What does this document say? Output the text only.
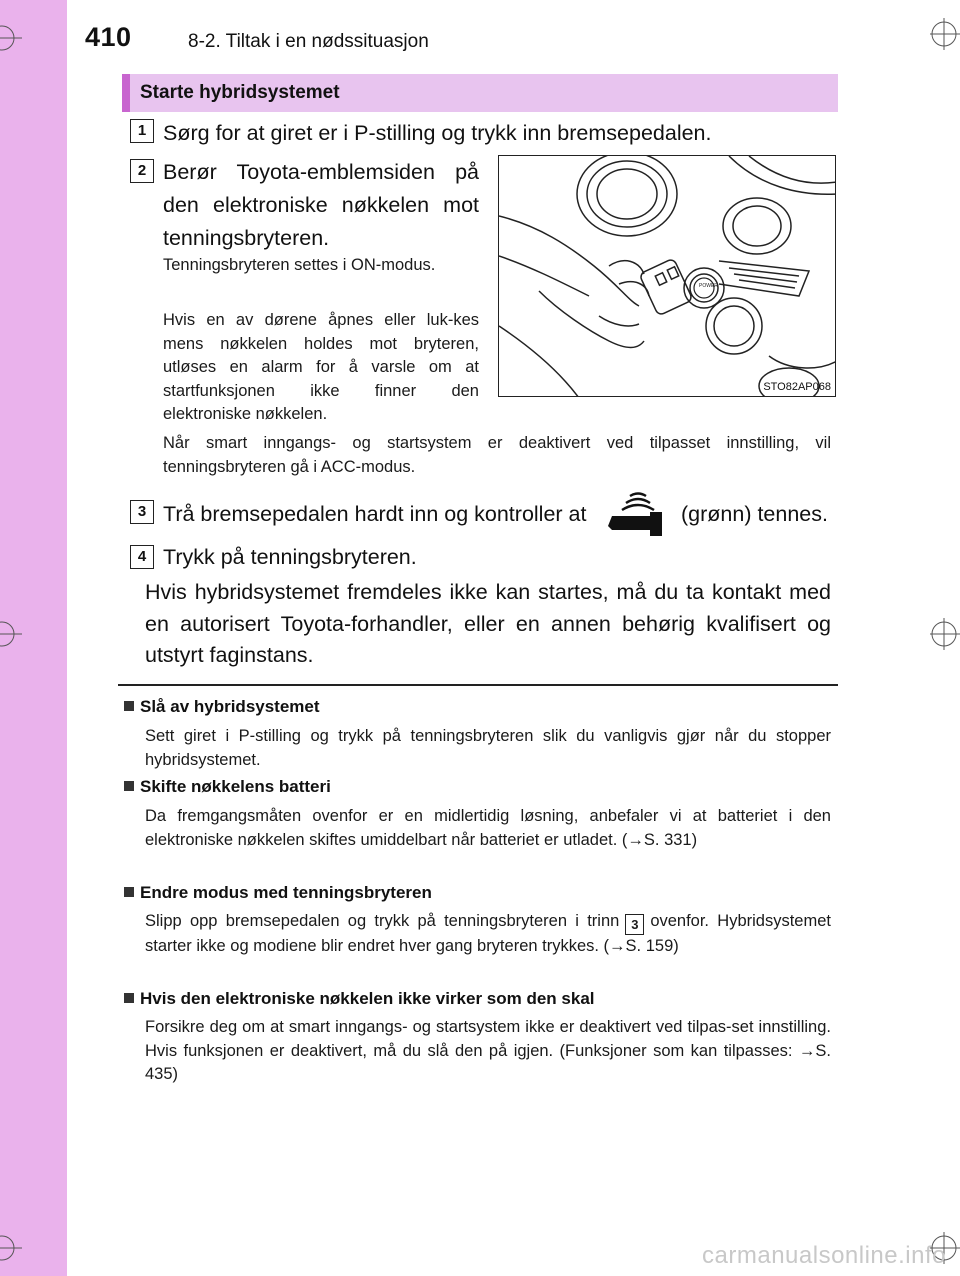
410	8-2. Tiltak i en nødssituasjon
Starte hybridsystemet
1 Sørg for at giret er i P-stilling og trykk inn bremsepedalen.
2 Berør Toyota-emblemsiden på den elektroniske nøkkelen mot tenningsbryteren.
Tenningsbryteren settes i ON-modus.
Hvis en av dørene åpnes eller luk-kes mens nøkkelen holdes mot bryteren, utløses en alarm for å varsle om at startfunksjonen ikke finner den elektroniske nøkkelen.
POWER
STO82AP068
Når smart inngangs- og startsystem er deaktivert ved tilpasset innstilling, vil tenningsbryteren gå i ACC-modus.
3 Trå bremsepedalen hardt inn og kontroller at	(grønn) tennes.
4 Trykk på tenningsbryteren.
Hvis hybridsystemet fremdeles ikke kan startes, må du ta kontakt med en autorisert Toyota-forhandler, eller en annen behørig kvalifisert og utstyrt faginstans.
Slå av hybridsystemet
Sett giret i P-stilling og trykk på tenningsbryteren slik du vanligvis gjør når du stopper hybridsystemet.
Skifte nøkkelens batteri
Da fremgangsmåten ovenfor er en midlertidig løsning, anbefaler vi at batteriet i den elektroniske nøkkelen skiftes umiddelbart når batteriet er utladet. (→S. 331)
Endre modus med tenningsbryteren
Slipp opp bremsepedalen og trykk på tenningsbryteren i trinn 3 ovenfor. Hybridsystemet starter ikke og modiene blir endret hver gang bryteren trykkes. (→S. 159)
Hvis den elektroniske nøkkelen ikke virker som den skal
Forsikre deg om at smart inngangs- og startsystem ikke er deaktivert ved tilpas-set innstilling. Hvis funksjonen er deaktivert, må du slå den på igjen. (Funksjoner som kan tilpasses: →S. 435)
carmanualsonline.info
